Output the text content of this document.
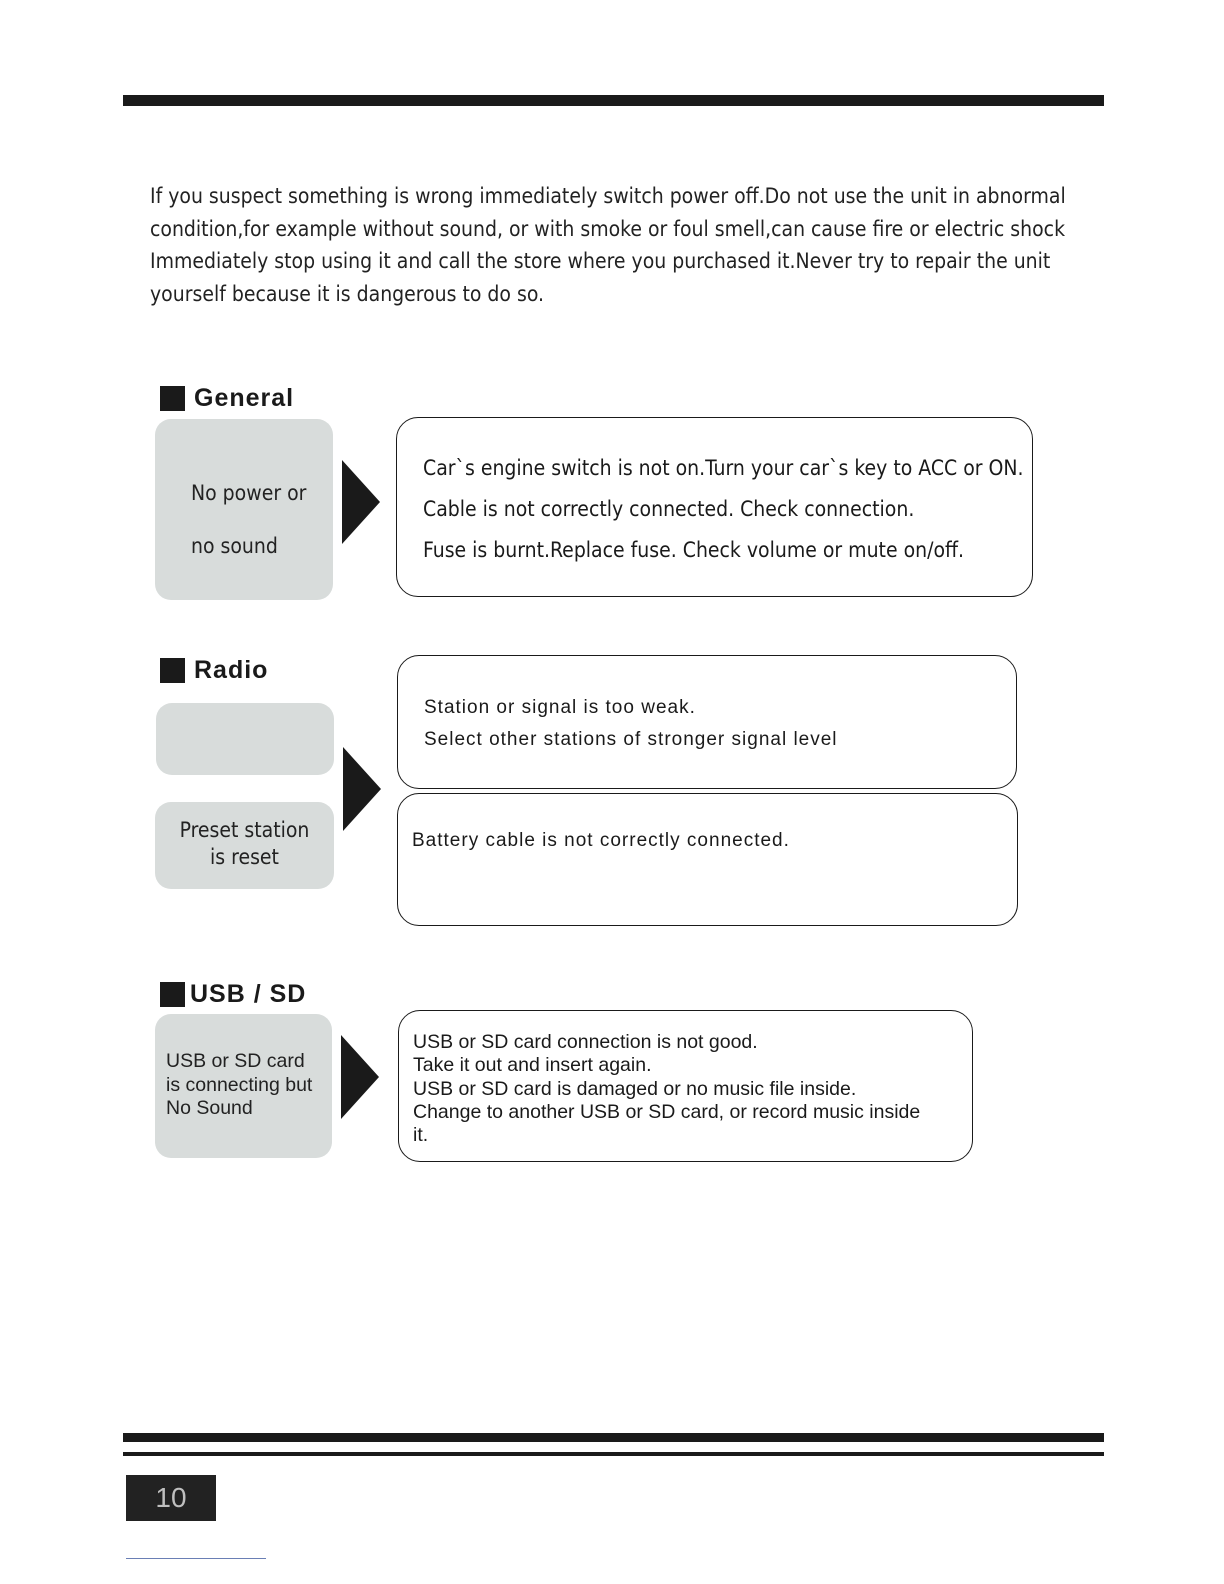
If you suspect something is wrong immediately switch power off.Do not use the unit in abnormal
condition,for example without sound, or with smoke or foul smell,can cause fire or electric shock
Immediately stop using it and call the store where you purchased it.Never try to repair the unit
yourself because it is dangerous to do so.
General
No power or
no sound

Car`s engine switch is not on.Turn your car`s key to ACC or ON.

Cable is not correctly connected. Check connection.

Fuse is burnt.Replace fuse. Check volume or mute on/off.

Radio
Preset station
is reset

Station or signal is too weak.

Select other stations of stronger signal level

Battery cable is not correctly connected.

USB / SD
USB or SD card
is connecting but
No Sound

USB or SD card connection is not good.

Take it out and insert again.

USB or SD card is damaged or no music file inside.

Change to another USB or SD card, or record music inside

it.

10
